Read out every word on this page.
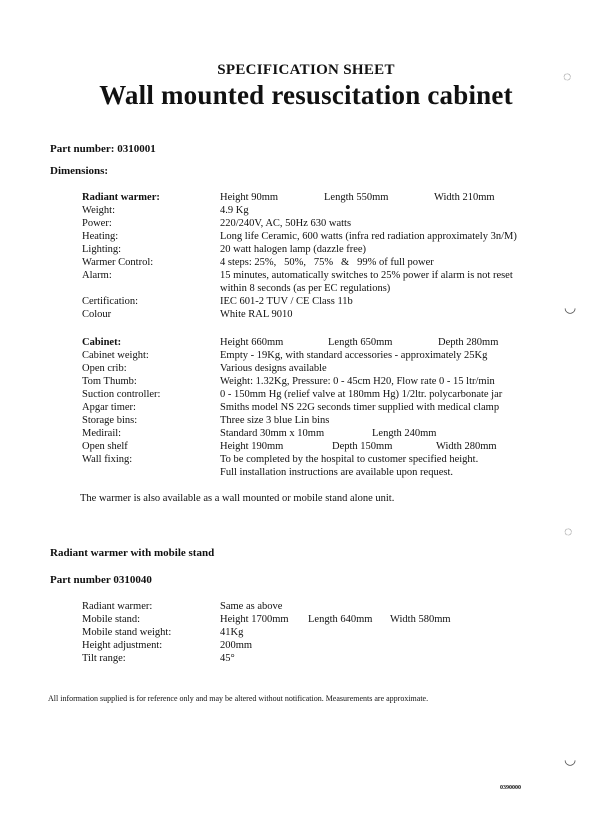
◌
◡
◌
◡
SPECIFICATION SHEET
Wall mounted resuscitation cabinet
Part number: 0310001
Dimensions:
Radiant warmer:	Height 90mm	Length 550mm	Width 210mm
Weight:	4.9 Kg
Power:	220/240V, AC, 50Hz 630 watts
Heating:	Long life Ceramic, 600 watts (infra red radiation approximately 3n/M)
Lighting:	20 watt halogen lamp (dazzle free)
Warmer Control:	4 steps: 25%,   50%,   75%   &   99% of full power
Alarm:	15 minutes, automatically switches to 25% power if alarm is not reset
within 8 seconds (as per EC regulations)
Certification:	IEC 601-2 TUV / CE Class 11b
Colour	White RAL 9010
Cabinet:	Height 660mm	Length 650mm	Depth 280mm
Cabinet weight:	Empty - 19Kg, with standard accessories - approximately 25Kg
Open crib:	Various designs available
Tom Thumb:	Weight: 1.32Kg, Pressure: 0 - 45cm H20, Flow rate 0 - 15 ltr/min
Suction controller:	0 - 150mm Hg (relief valve at 180mm Hg) 1/2ltr. polycarbonate jar
Apgar timer:	Smiths model NS 22G seconds timer supplied with medical clamp
Storage bins:	Three size 3 blue Lin bins
Medirail:	Standard 30mm x 10mm	Length 240mm
Open shelf	Height 190mm	Depth 150mm	Width 280mm
Wall fixing:	To be completed by the hospital to customer specified height.
Full installation instructions are available upon request.
The warmer is also available as a wall mounted or mobile stand alone unit.
Radiant warmer with mobile stand
Part number 0310040
Radiant warmer:	Same as above
Mobile stand:	Height 1700mm Length 640mm Width 580mm
Mobile stand weight:	41Kg
Height adjustment:	200mm
Tilt range:	45°
All information supplied is for reference only and may be altered without notification. Measurements are approximate.
0390000
